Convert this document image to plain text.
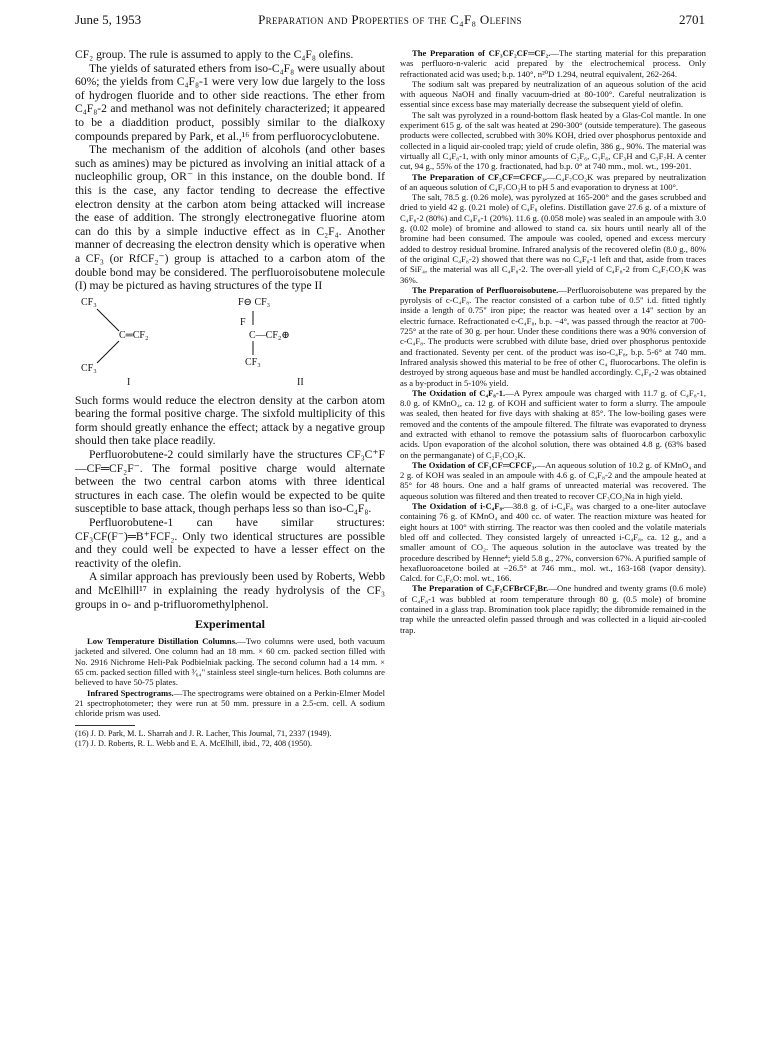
June 5, 1953	Preparation and Properties of the C₄F₈ Olefins	2701

CF₂ group. The rule is assumed to apply to the C₄F₈ olefins.

The yields of saturated ethers from iso-C₄F₈ were usually about 60%; the yields from C₄F₈-1 were very low due largely to the loss of hydrogen fluoride and to other side reactions. The ether from C₄F₈-2 and methanol was not definitely characterized; it appeared to be a diaddition product, possibly similar to the dialkoxy compounds prepared by Park, et al.,¹⁶ from perfluorocyclobutene.

The mechanism of the addition of alcohols (and other bases such as amines) may be pictured as involving an initial attack of a nucleophilic group, OR⁻ in this instance, on the double bond. If this is the case, any factor tending to decrease the effective electron density at the carbon atom being attacked will increase the ease of addition. The strongly electronegative fluorine atom can do this by a simple inductive effect as in C₂F₄. Another manner of decreasing the electron density which is operative when a CF₃ (or RfCF₂⁻) group is attached to a carbon atom of the double bond may be considered. The perfluoroisobutene molecule (I) may be pictured as having structures of the type II

CF₃
C═CF₂
CF₃
I
F⊖ CF₃
F
C—CF₂⊕
CF₃
II

Such forms would reduce the electron density at the carbon atom bearing the formal positive charge. The sixfold multiplicity of this form should greatly enhance the effect; attack by a negative group should then take place readily.

Perfluorobutene-2 could similarly have the structures CF₃C⁺F—CF═CF₂F⁻. The formal positive charge would alternate between the two central carbon atoms with three identical structures in each case. The olefin would be expected to be quite susceptible to base attack, though perhaps less so than iso-C₄F₈.

Perfluorobutene-1 can have similar structures: CF₃CF(F⁻)═B⁺FCF₂. Only two identical structures are possible and they could well be expected to have a lesser effect on the reactivity of the olefin.

A similar approach has previously been used by Roberts, Webb and McElhill¹⁷ in explaining the ready hydrolysis of the CF₃ groups in o- and p-trifluoromethylphenol.

Experimental

Low Temperature Distillation Columns.—Two columns were used, both vacuum jacketed and silvered. One column had an 18 mm. × 60 cm. packed section filled with No. 2916 Nichrome Heli-Pak Podbielniak packing. The second column had a 14 mm. × 65 cm. packed section filled with ³⁄₆₄" stainless steel single-turn helices. Both columns are believed to have 50-75 plates.

Infrared Spectrograms.—The spectrograms were obtained on a Perkin-Elmer Model 21 spectrophotometer; they were run at 50 mm. pressure in a 2.5-cm. cell. A sodium chloride prism was used.

(16) J. D. Park, M. L. Sharrah and J. R. Lacher, This Journal, 71, 2337 (1949).

(17) J. D. Roberts, R. L. Webb and E. A. McElhill, ibid., 72, 408 (1950).

The Preparation of CF₃CF₂CF═CF₂.—The starting material for this preparation was perfluoro-n-valeric acid prepared by the electrochemical process. Only refractionated acid was used; b.p. 140°, n²⁰D 1.294, neutral equivalent, 262-264.

The sodium salt was prepared by neutralization of an aqueous solution of the acid with aqueous NaOH and finally vacuum-dried at 80-100°. Careful neutralization is essential since excess base may materially decrease the subsequent yield of olefin.

The salt was pyrolyzed in a round-bottom flask heated by a Glas-Col mantle. In one experiment 615 g. of the salt was heated at 290-300° (outside temperature). The gaseous products were collected, scrubbed with 30% KOH, dried over phosphorus pentoxide and collected in a liquid air-cooled trap; yield of crude olefin, 386 g., 90%. The material was virtually all C₄F₈-1, with only minor amounts of C₂F₆, C₃F₆, CF₃H and C₃F₇H. A center cut, 94 g., 55% of the 170 g. fractionated, had b.p. 0° at 740 mm., mol. wt., 199-201.

The Preparation of CF₃CF═CFCF₃.—C₄F₇CO₂K was prepared by neutralization of an aqueous solution of C₄F₇CO₂H to pH 5 and evaporation to dryness at 100°.

The salt, 78.5 g. (0.26 mole), was pyrolyzed at 165-200° and the gases scrubbed and dried to yield 42 g. (0.21 mole) of C₄F₈ olefins. Distillation gave 27.6 g. of a mixture of C₄F₈-2 (80%) and C₄F₈-1 (20%). 11.6 g. (0.058 mole) was sealed in an ampoule with 3.0 g. (0.02 mole) of bromine and allowed to stand ca. six hours until nearly all of the bromine had been consumed. The ampoule was cooled, opened and excess mercury added to destroy residual bromine. Infrared analysis of the recovered olefin (8.0 g., 80% of the original C₄F₈-2) showed that there was no C₄F₈-1 left and that, aside from traces of SiF₄, the material was all C₄F₈-2. The over-all yield of C₄F₈-2 from C₄F₇CO₂K was 36%.

The Preparation of Perfluoroisobutene.—Perfluoroisobutene was prepared by the pyrolysis of c-C₄F₈. The reactor consisted of a carbon tube of 0.5" i.d. fitted tightly inside a length of 0.75" iron pipe; the reactor was heated over a 14" section by an electric furnace. Refractionated c-C₄F₈, b.p. −4°, was passed through the reactor at 700-725° at the rate of 30 g. per hour. Under these conditions there was a 90% conversion of c-C₄F₈. The products were scrubbed with dilute base, dried over phosphorus pentoxide and fractionated. Seventy per cent. of the product was iso-C₄F₈, b.p. 5-6° at 740 mm. Infrared analysis showed this material to be free of other C₄ fluorocarbons. The olefin is destroyed by strong aqueous base and must be handled accordingly. C₄F₈-2 was obtained as a by-product in 5-10% yield.

The Oxidation of C₄F₈-1.—A Pyrex ampoule was charged with 11.7 g. of C₄F₈-1, 8.0 g. of KMnO₄, ca. 12 g. of KOH and sufficient water to form a slurry. The ampoule was sealed, then heated for five days with shaking at 85°. The low-boiling gases were removed and the contents of the ampoule filtered. The filtrate was evaporated to dryness and extracted with ethanol to remove the potassium salts of fluorocarbon carboxylic acids. Upon evaporation of the alcohol solution, there was obtained 4.8 g. (63% based on the permanganate) of C₂F₅CO₂K.

The Oxidation of CF₃CF═CFCF₃.—An aqueous solution of 10.2 g. of KMnO₄ and 2 g. of KOH was sealed in an ampoule with 4.6 g. of C₄F₈-2 and the ampoule heated at 85° for 48 hours. One and a half grams of unreacted material was recovered. The aqueous solution was filtered and then treated to recover CF₃CO₂Na in high yield.

The Oxidation of i-C₄F₈.—38.8 g. of i-C₄F₈ was charged to a one-liter autoclave containing 76 g. of KMnO₄ and 400 cc. of water. The reaction mixture was heated for eight hours at 100° with stirring. The reactor was then cooled and the volatile materials bled off and collected. They consisted largely of unreacted i-C₄F₈, ca. 12 g., and a smaller amount of CO₂. The aqueous solution in the autoclave was treated by the procedure described by Henne⁴; yield 5.8 g., 27%, conversion 67%. A purified sample of hexafluoroacetone boiled at −26.5° at 746 mm., mol. wt., 163-168 (vapor density). Calcd. for C₃F₆O: mol. wt., 166.

The Preparation of C₂F₅CFBrCF₂Br.—One hundred and twenty grams (0.6 mole) of C₄F₈-1 was bubbled at room temperature through 80 g. (0.5 mole) of bromine contained in a glass trap. Bromination took place rapidly; the dibromide remained in the trap while the unreacted olefin passed through and was collected in a liquid air-cooled trap.
